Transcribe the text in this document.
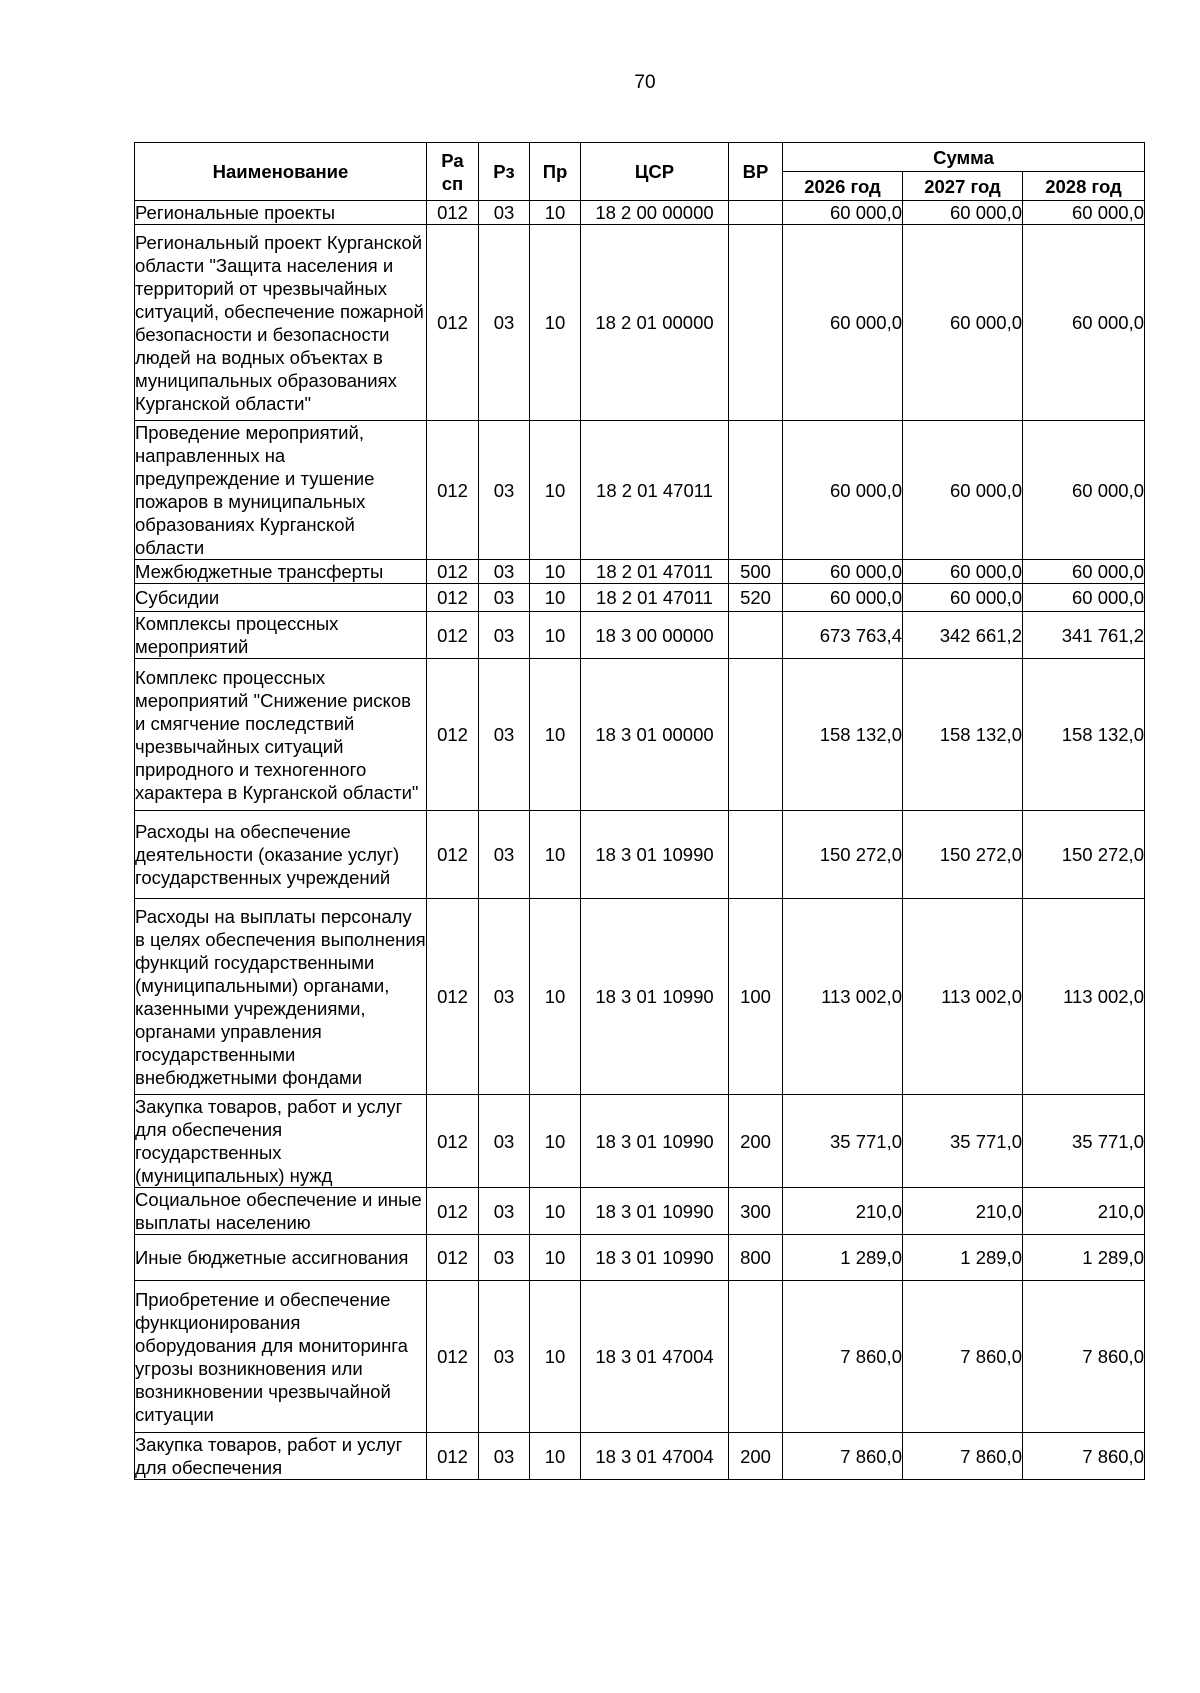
70
Наименование	Ра сп	Рз	Пр	ЦСР	ВР	Сумма		
						2026 год	2027 год	2028 год
Региональные проекты	012	03	10	18 2 00 00000		60 000,0	60 000,0	60 000,0
Региональный проект Курганской области "Защита населения и территорий от чрезвычайных ситуаций, обеспечение пожарной безопасности и безопасности людей на водных объектах в муниципальных образованиях Курганской области"	012	03	10	18 2 01 00000		60 000,0	60 000,0	60 000,0
Проведение мероприятий, направленных на предупреждение и тушение пожаров в муниципальных образованиях Курганской области	012	03	10	18 2 01 47011		60 000,0	60 000,0	60 000,0
Межбюджетные трансферты	012	03	10	18 2 01 47011	500	60 000,0	60 000,0	60 000,0
Субсидии	012	03	10	18 2 01 47011	520	60 000,0	60 000,0	60 000,0
Комплексы процессных мероприятий	012	03	10	18 3 00 00000		673 763,4	342 661,2	341 761,2
Комплекс процессных мероприятий "Снижение рисков и смягчение последствий чрезвычайных ситуаций природного и техногенного характера в Курганской области"	012	03	10	18 3 01 00000		158 132,0	158 132,0	158 132,0
Расходы на обеспечение деятельности (оказание услуг) государственных учреждений	012	03	10	18 3 01 10990		150 272,0	150 272,0	150 272,0
Расходы на выплаты персоналу в целях обеспечения выполнения функций государственными (муниципальными) органами, казенными учреждениями, органами управления государственными внебюджетными фондами	012	03	10	18 3 01 10990	100	113 002,0	113 002,0	113 002,0
Закупка товаров, работ и услуг для обеспечения государственных (муниципальных) нужд	012	03	10	18 3 01 10990	200	35 771,0	35 771,0	35 771,0
Социальное обеспечение и иные выплаты населению	012	03	10	18 3 01 10990	300	210,0	210,0	210,0
Иные бюджетные ассигнования	012	03	10	18 3 01 10990	800	1 289,0	1 289,0	1 289,0
Приобретение и обеспечение функционирования оборудования для мониторинга угрозы возникновения или возникновении чрезвычайной ситуации	012	03	10	18 3 01 47004		7 860,0	7 860,0	7 860,0
Закупка товаров, работ и услуг для обеспечения	012	03	10	18 3 01 47004	200	7 860,0	7 860,0	7 860,0
